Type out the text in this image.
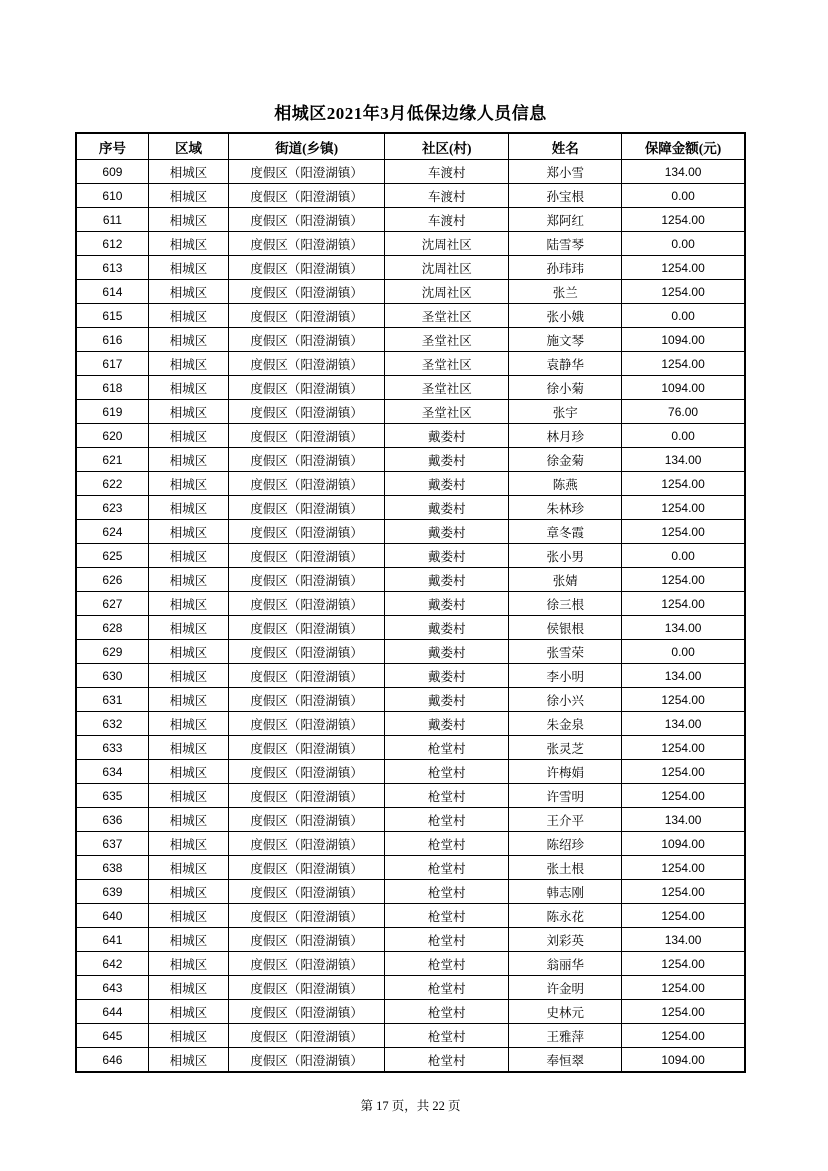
相城区2021年3月低保边缘人员信息
序号	区域	街道(乡镇)	社区(村)	姓名	保障金额(元)
609	相城区	度假区（阳澄湖镇）	车渡村	郑小雪	134.00
610	相城区	度假区（阳澄湖镇）	车渡村	孙宝根	0.00
611	相城区	度假区（阳澄湖镇）	车渡村	郑阿红	1254.00
612	相城区	度假区（阳澄湖镇）	沈周社区	陆雪琴	0.00
613	相城区	度假区（阳澄湖镇）	沈周社区	孙玮玮	1254.00
614	相城区	度假区（阳澄湖镇）	沈周社区	张兰	1254.00
615	相城区	度假区（阳澄湖镇）	圣堂社区	张小娥	0.00
616	相城区	度假区（阳澄湖镇）	圣堂社区	施文琴	1094.00
617	相城区	度假区（阳澄湖镇）	圣堂社区	袁静华	1254.00
618	相城区	度假区（阳澄湖镇）	圣堂社区	徐小菊	1094.00
619	相城区	度假区（阳澄湖镇）	圣堂社区	张宇	76.00
620	相城区	度假区（阳澄湖镇）	戴娄村	林月珍	0.00
621	相城区	度假区（阳澄湖镇）	戴娄村	徐金菊	134.00
622	相城区	度假区（阳澄湖镇）	戴娄村	陈燕	1254.00
623	相城区	度假区（阳澄湖镇）	戴娄村	朱林珍	1254.00
624	相城区	度假区（阳澄湖镇）	戴娄村	章冬霞	1254.00
625	相城区	度假区（阳澄湖镇）	戴娄村	张小男	0.00
626	相城区	度假区（阳澄湖镇）	戴娄村	张婧	1254.00
627	相城区	度假区（阳澄湖镇）	戴娄村	徐三根	1254.00
628	相城区	度假区（阳澄湖镇）	戴娄村	侯银根	134.00
629	相城区	度假区（阳澄湖镇）	戴娄村	张雪荣	0.00
630	相城区	度假区（阳澄湖镇）	戴娄村	李小明	134.00
631	相城区	度假区（阳澄湖镇）	戴娄村	徐小兴	1254.00
632	相城区	度假区（阳澄湖镇）	戴娄村	朱金泉	134.00
633	相城区	度假区（阳澄湖镇）	枪堂村	张灵芝	1254.00
634	相城区	度假区（阳澄湖镇）	枪堂村	许梅娟	1254.00
635	相城区	度假区（阳澄湖镇）	枪堂村	许雪明	1254.00
636	相城区	度假区（阳澄湖镇）	枪堂村	王介平	134.00
637	相城区	度假区（阳澄湖镇）	枪堂村	陈绍珍	1094.00
638	相城区	度假区（阳澄湖镇）	枪堂村	张土根	1254.00
639	相城区	度假区（阳澄湖镇）	枪堂村	韩志刚	1254.00
640	相城区	度假区（阳澄湖镇）	枪堂村	陈永花	1254.00
641	相城区	度假区（阳澄湖镇）	枪堂村	刘彩英	134.00
642	相城区	度假区（阳澄湖镇）	枪堂村	翁丽华	1254.00
643	相城区	度假区（阳澄湖镇）	枪堂村	许金明	1254.00
644	相城区	度假区（阳澄湖镇）	枪堂村	史林元	1254.00
645	相城区	度假区（阳澄湖镇）	枪堂村	王雅萍	1254.00
646	相城区	度假区（阳澄湖镇）	枪堂村	奉恒翠	1094.00
第 17 页，共 22 页
